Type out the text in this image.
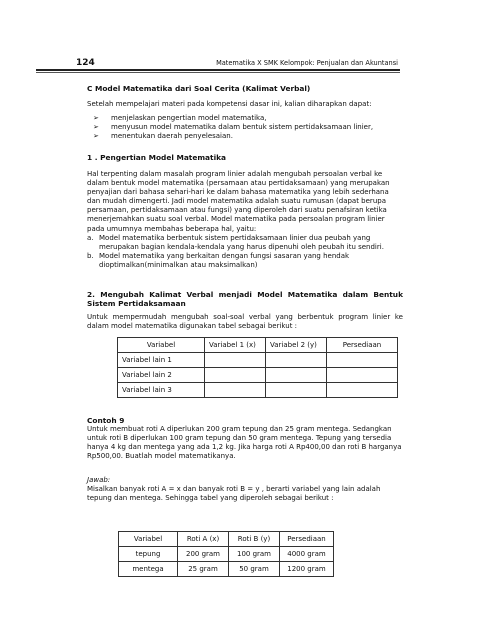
124	Matematika X SMK Kelompok: Penjualan dan Akuntansi
C Model Matematika dari Soal Cerita (Kalimat Verbal)
Setelah mempelajari materi pada kompetensi dasar ini, kalian diharapkan dapat:
➢ menjelaskan pengertian model matematika,
➢ menyusun model matematika dalam bentuk sistem pertidaksamaan linier,
➢ menentukan daerah penyelesaian.
1 . Pengertian Model Matematika
Hal terpenting dalam masalah program linier adalah mengubah persoalan verbal ke dalam bentuk model matematika (persamaan atau pertidaksamaan) yang merupakan penyajian dari bahasa sehari-hari ke dalam bahasa matematika yang lebih sederhana dan mudah dimengerti. Jadi model matematika adalah suatu rumusan (dapat berupa persamaan, pertidaksamaan atau fungsi) yang diperoleh dari suatu penafsiran ketika menerjemahkan suatu soal verbal. Model matematika pada persoalan program linier pada umumnya membahas beberapa hal, yaitu:
a. Model matematika berbentuk sistem pertidaksamaan linier dua peubah yang merupakan bagian kendala-kendala yang harus dipenuhi oleh peubah itu sendiri.
b. Model matematika yang berkaitan dengan fungsi sasaran yang hendak dioptimalkan(minimalkan atau maksimalkan)
2. Mengubah Kalimat Verbal menjadi Model Matematika dalam Bentuk Sistem Pertidaksamaan
Untuk mempermudah mengubah soal-soal verbal yang berbentuk program linier ke dalam model matematika digunakan tabel sebagai berikut :
Variabel	Variabel 1 (x)	Variabel 2 (y)	Persediaan
Variabel lain 1			
Variabel lain 2			
Variabel lain 3			
Contoh 9
Untuk membuat roti A diperlukan 200 gram tepung dan 25 gram mentega. Sedangkan untuk roti B diperlukan 100 gram tepung dan 50 gram mentega. Tepung yang tersedia hanya 4 kg dan mentega yang ada 1,2 kg. Jika harga roti A Rp400,00 dan roti B harganya Rp500,00. Buatlah model matematikanya.
Jawab:
Misalkan banyak roti A = x dan banyak roti B = y , berarti variabel yang lain adalah tepung dan mentega. Sehingga tabel yang diperoleh sebagai berikut :
Variabel	Roti A (x)	Roti B (y)	Persediaan
tepung	200 gram	100 gram	4000 gram
mentega	25 gram	50 gram	1200 gram
